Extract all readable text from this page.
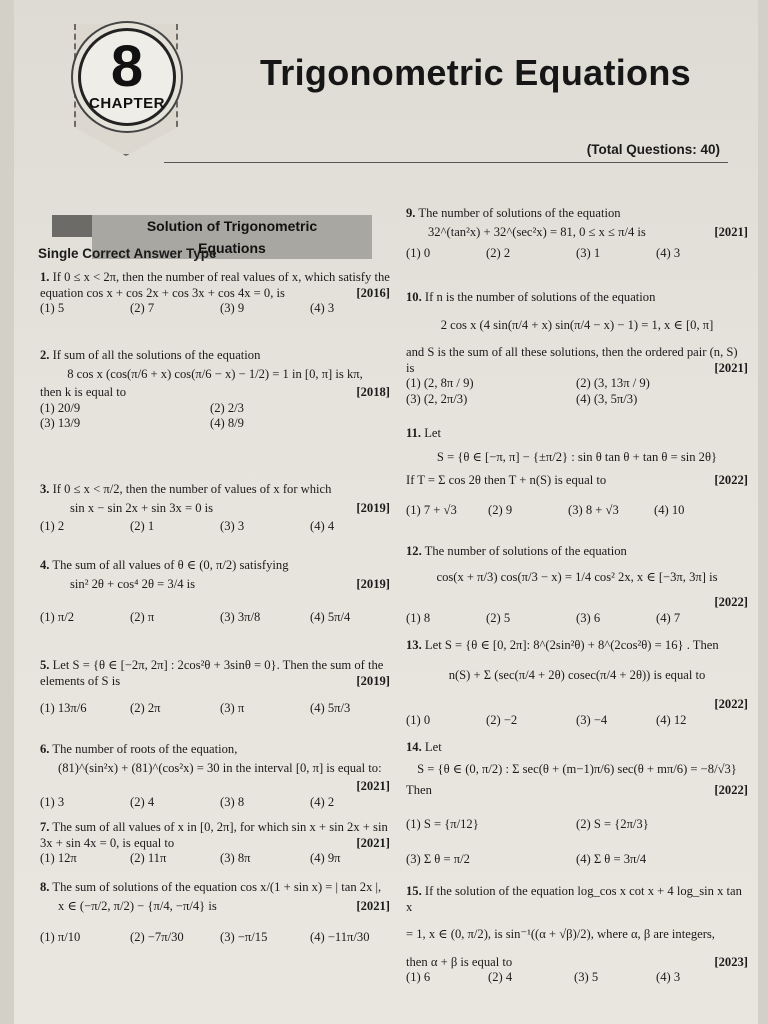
8
CHAPTER
Trigonometric Equations
(Total Questions: 40)
Solution of Trigonometric Equations
Single Correct Answer Type
1. If 0 ≤ x < 2π, then the number of real values of x, which satisfy the equation cos x + cos 2x + cos 3x + cos 4x = 0, is	[2016]
(1) 5	(2) 7	(3) 9	(4) 3
2. If sum of all the solutions of the equation
8 cos x (cos(π/6 + x) cos(π/6 − x) − 1/2) = 1 in [0, π] is kπ,
then k is equal to	[2018]
(1) 20/9	(2) 2/3
(3) 13/9	(4) 8/9
3. If 0 ≤ x < π/2, then the number of values of x for which
sin x − sin 2x + sin 3x = 0 is	[2019]
(1) 2	(2) 1	(3) 3	(4) 4
4. The sum of all values of θ ∈ (0, π/2) satisfying
sin² 2θ + cos⁴ 2θ = 3/4 is	[2019]
(1) π/2	(2) π	(3) 3π/8	(4) 5π/4
5. Let S = {θ ∈ [−2π, 2π] : 2cos²θ + 3sinθ = 0}. Then the sum of the elements of S is	[2019]
(1) 13π/6	(2) 2π	(3) π	(4) 5π/3
6. The number of roots of the equation,
(81)^(sin²x) + (81)^(cos²x) = 30 in the interval [0, π] is equal to:
[2021]
(1) 3	(2) 4	(3) 8	(4) 2
7. The sum of all values of x in [0, 2π], for which sin x + sin 2x + sin 3x + sin 4x = 0, is equal to	[2021]
(1) 12π	(2) 11π	(3) 8π	(4) 9π
8. The sum of solutions of the equation cos x/(1 + sin x) = | tan 2x |,
x ∈ (−π/2, π/2) − {π/4, −π/4} is	[2021]
(1) π/10	(2) −7π/30	(3) −π/15	(4) −11π/30
9. The number of solutions of the equation
32^(tan²x) + 32^(sec²x) = 81, 0 ≤ x ≤ π/4 is	[2021]
(1) 0	(2) 2	(3) 1	(4) 3
10. If n is the number of solutions of the equation
2 cos x (4 sin(π/4 + x) sin(π/4 − x) − 1) = 1, x ∈ [0, π]
and S is the sum of all these solutions, then the ordered pair (n, S) is	[2021]
(1) (2, 8π / 9)	(2) (3, 13π / 9)
(3) (2, 2π/3)	(4) (3, 5π/3)
11. Let
S = {θ ∈ [−π, π] − {±π/2} : sin θ tan θ + tan θ = sin 2θ}
If T = Σ cos 2θ then T + n(S) is equal to	[2022]
(1) 7 + √3	(2) 9	(3) 8 + √3	(4) 10
12. The number of solutions of the equation
cos(x + π/3) cos(π/3 − x) = 1/4 cos² 2x, x ∈ [−3π, 3π] is
[2022]
(1) 8	(2) 5	(3) 6	(4) 7
13. Let S = {θ ∈ [0, 2π]: 8^(2sin²θ) + 8^(2cos²θ) = 16} . Then
n(S) + Σ (sec(π/4 + 2θ) cosec(π/4 + 2θ)) is equal to
[2022]
(1) 0	(2) −2	(3) −4	(4) 12
14. Let
S = {θ ∈ (0, π/2) : Σ sec(θ + (m−1)π/6) sec(θ + mπ/6) = −8/√3}
Then	[2022]
(1) S = {π/12}	(2) S = {2π/3}
(3) Σ θ = π/2	(4) Σ θ = 3π/4
15. If the solution of the equation log_cos x cot x + 4 log_sin x tan x
= 1, x ∈ (0, π/2), is sin⁻¹((α + √β)/2), where α, β are integers,
then α + β is equal to	[2023]
(1) 6	(2) 4	(3) 5	(4) 3
